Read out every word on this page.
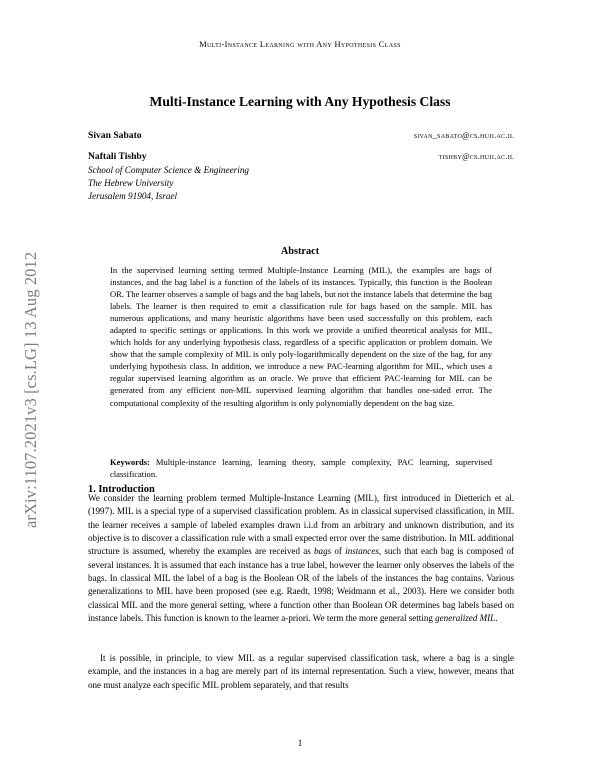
Multi-Instance Learning with Any Hypothesis Class
arXiv:1107.2021v3 [cs.LG] 13 Aug 2012
Multi-Instance Learning with Any Hypothesis Class
Sivan Sabato	sivan_sabato@cs.huji.ac.il
Naftali Tishby	tishby@cs.huji.ac.il
School of Computer Science & Engineering
The Hebrew University
Jerusalem 91904, Israel
Abstract

In the supervised learning setting termed Multiple-Instance Learning (MIL), the examples are bags of instances, and the bag label is a function of the labels of its instances. Typically, this function is the Boolean OR. The learner observes a sample of bags and the bag labels, but not the instance labels that determine the bag labels. The learner is then required to emit a classification rule for bags based on the sample. MIL has numerous applications, and many heuristic algorithms have been used successfully on this problem, each adapted to specific settings or applications. In this work we provide a unified theoretical analysis for MIL, which holds for any underlying hypothesis class, regardless of a specific application or problem domain. We show that the sample complexity of MIL is only poly-logarithmically dependent on the size of the bag, for any underlying hypothesis class. In addition, we introduce a new PAC-learning algorithm for MIL, which uses a regular supervised learning algorithm as an oracle. We prove that efficient PAC-learning for MIL can be generated from any efficient non-MIL supervised learning algorithm that handles one-sided error. The computational complexity of the resulting algorithm is only polynomially dependent on the bag size.

Keywords: Multiple-instance learning, learning theory, sample complexity, PAC learning, supervised classification.

1. Introduction

We consider the learning problem termed Multiple-Instance Learning (MIL), first introduced in Dietterich et al. (1997). MIL is a special type of a supervised classification problem. As in classical supervised classification, in MIL the learner receives a sample of labeled examples drawn i.i.d from an arbitrary and unknown distribution, and its objective is to discover a classification rule with a small expected error over the same distribution. In MIL additional structure is assumed, whereby the examples are received as bags of instances, such that each bag is composed of several instances. It is assumed that each instance has a true label, however the learner only observes the labels of the bags. In classical MIL the label of a bag is the Boolean OR of the labels of the instances the bag contains. Various generalizations to MIL have been proposed (see e.g. Raedt, 1998; Weidmann et al., 2003). Here we consider both classical MIL and the more general setting, where a function other than Boolean OR determines bag labels based on instance labels. This function is known to the learner a-priori. We term the more general setting generalized MIL.

It is possible, in principle, to view MIL as a regular supervised classification task, where a bag is a single example, and the instances in a bag are merely part of its internal representation. Such a view, however, means that one must analyze each specific MIL problem separately, and that results

1
